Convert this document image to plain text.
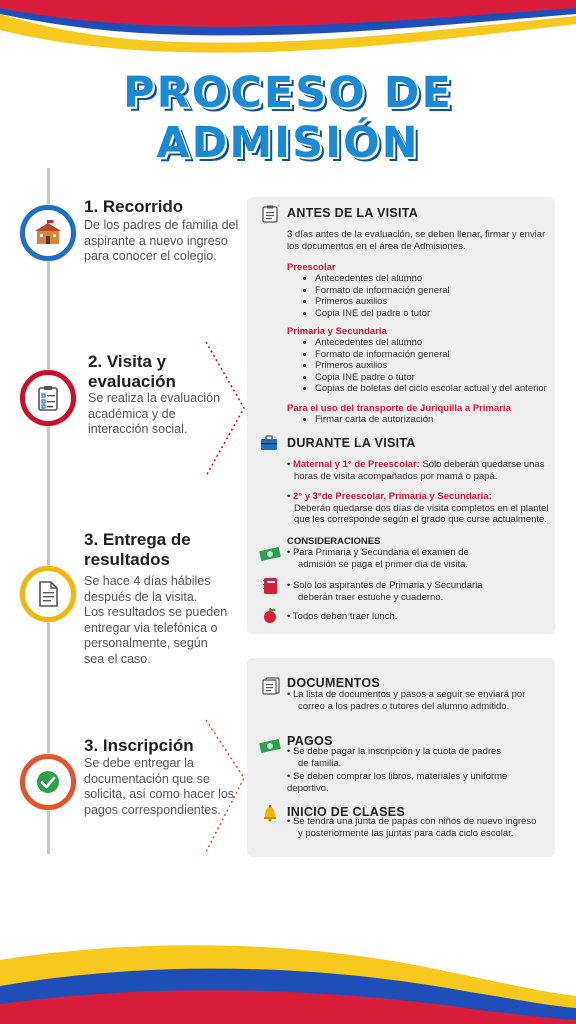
PROCESO DE
ADMISIÓN
1. Recorrido
De los padres de familia del
aspirante a nuevo ingreso
para conocer el colegio.
2. Visita y
evaluación
Se realiza la evaluación
académica y de
interacción social.
3. Entrega de
resultados
Se hace 4 días hábiles
después de la visita.
Los resultados se pueden
entregar via telefónica o
personalmente, según
sea el caso.
3. Inscripción
Se debe entregar la
documentación que se
solicita, así como hacer los
pagos correspondientes.
ANTES DE LA VISITA
3 días antes de la evaluación, se deben llenar, firmar y enviar
los documentos en el área de Admisiones.
Preescolar
• Antecedentes del alumno
• Formato de información general
• Primeros auxilios
• Copia INE del padre o tutor
Primaria y Secundaria
• Antecedentes del alumno
• Formato de información general
• Primeros auxilios
• Copia INE padre o tutor
• Copias de boletas del ciclo escolar actual y del anterior
Para el uso del transporte de Juriquilla a Primaria
• Firmar carta de autorización
DURANTE LA VISITA
• Maternal y 1° de Preescolar: Sólo deberán quedarse unas
horas de visita acompañados por mamá o papá.
• 2° y 3°de Preescolar, Primaria y Secundaria:
Deberán quedarse dos días de visita completos en el plantel
que les corresponde según el grado que curse actualmente.
CONSIDERACIONES
• Para Primaria y Secundaria el examen de
admisión se paga el primer día de visita.
• Solo los aspirantes de Primaria y Secundaria
deberán traer estuche y cuaderno.
• Todos deben traer lunch.
DOCUMENTOS
• La lista de documentos y pasos a seguir se enviará por
correo a los padres o tutores del alumno admitido.
PAGOS
• Se debe pagar la inscripción y la cuota de padres
de familia.
• Se deben comprar los libros, materiales y uniforme deportivo.
INICIO DE CLASES
• Se tendrá una junta de papás con niños de nuevo ingreso
y posteriormente las juntas para cada ciclo escolar.
